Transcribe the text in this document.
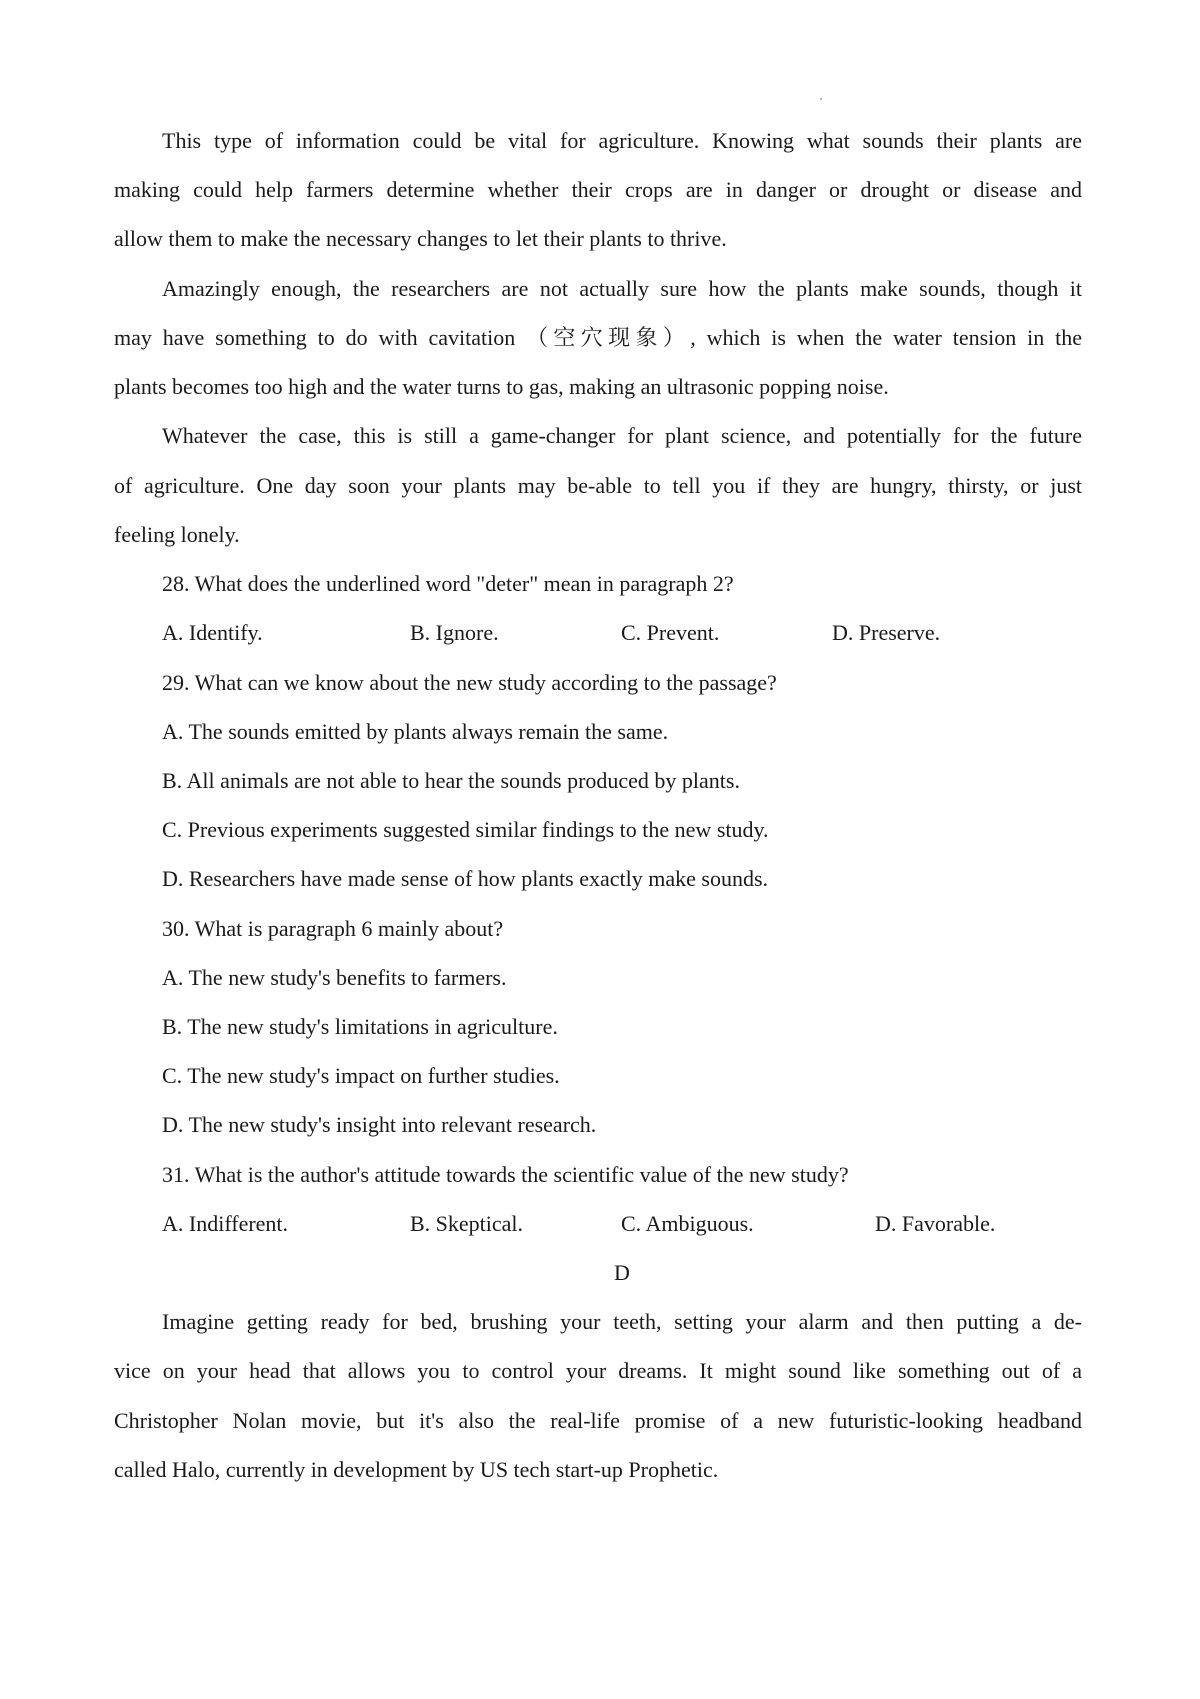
This type of information could be vital for agriculture. Knowing what sounds their plants are
making could help farmers determine whether their crops are in danger or drought or disease and
allow them to make the necessary changes to let their plants to thrive.
Amazingly enough, the researchers are not actually sure how the plants make sounds, though it
may have something to do with cavitation （空穴现象）, which is when the water tension in the
plants becomes too high and the water turns to gas, making an ultrasonic popping noise.
Whatever the case, this is still a game-changer for plant science, and potentially for the future
of agriculture. One day soon your plants may be-able to tell you if they are hungry, thirsty, or just
feeling lonely.
28. What does the underlined word "deter" mean in paragraph 2?
A. Identify.	B. Ignore.	C. Prevent.	D. Preserve.
29. What can we know about the new study according to the passage?
A. The sounds emitted by plants always remain the same.
B. All animals are not able to hear the sounds produced by plants.
C. Previous experiments suggested similar findings to the new study.
D. Researchers have made sense of how plants exactly make sounds.
30. What is paragraph 6 mainly about?
A. The new study's benefits to farmers.
B. The new study's limitations in agriculture.
C. The new study's impact on further studies.
D. The new study's insight into relevant research.
31. What is the author's attitude towards the scientific value of the new study?
A. Indifferent.	B. Skeptical.	C. Ambiguous.	D. Favorable.
D
Imagine getting ready for bed, brushing your teeth, setting your alarm and then putting a de-
vice on your head that allows you to control your dreams. It might sound like something out of a
Christopher Nolan movie, but it's also the real-life promise of a new futuristic-looking headband
called Halo, currently in development by US tech start-up Prophetic.
